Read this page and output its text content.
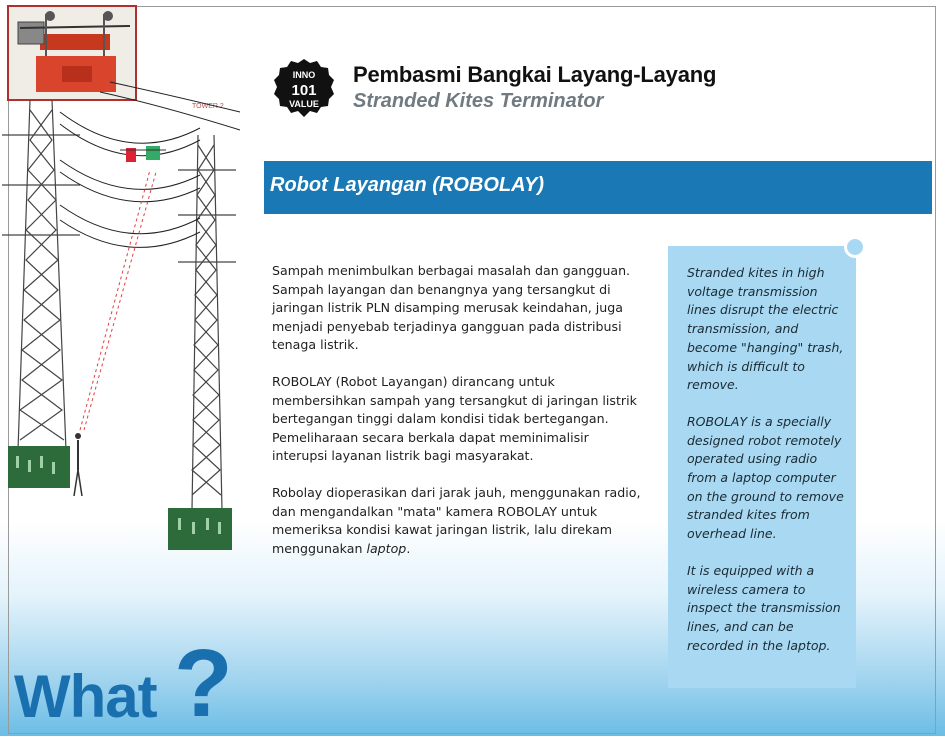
TOWER 2
INNO
101
VALUE
Pembasmi Bangkai Layang-Layang
Stranded Kites Terminator
Robot Layangan (ROBOLAY)

Sampah menimbulkan berbagai masalah dan gangguan. Sampah layangan dan benangnya yang tersangkut di jaringan listrik PLN disamping merusak keindahan, juga menjadi penyebab terjadinya gangguan pada distribusi tenaga listrik.

ROBOLAY (Robot Layangan) dirancang untuk membersihkan sampah yang tersangkut di jaringan listrik bertegangan tinggi dalam kondisi tidak bertegangan. Pemeliharaan secara berkala dapat meminimalisir interupsi layanan listrik bagi masyarakat.

Robolay dioperasikan dari jarak jauh, menggunakan radio, dan mengandalkan "mata" kamera ROBOLAY untuk memeriksa kondisi kawat jaringan listrik, lalu direkam menggunakan laptop.

Stranded kites in high voltage transmission lines disrupt the electric transmission, and become "hanging" trash, which is difficult to remove.

ROBOLAY is a specially designed robot remotely operated using radio from a laptop computer on the ground to remove stranded kites from overhead line.

It is equipped with a wireless camera to inspect the transmission lines, and can be recorded in the laptop.

What ?
